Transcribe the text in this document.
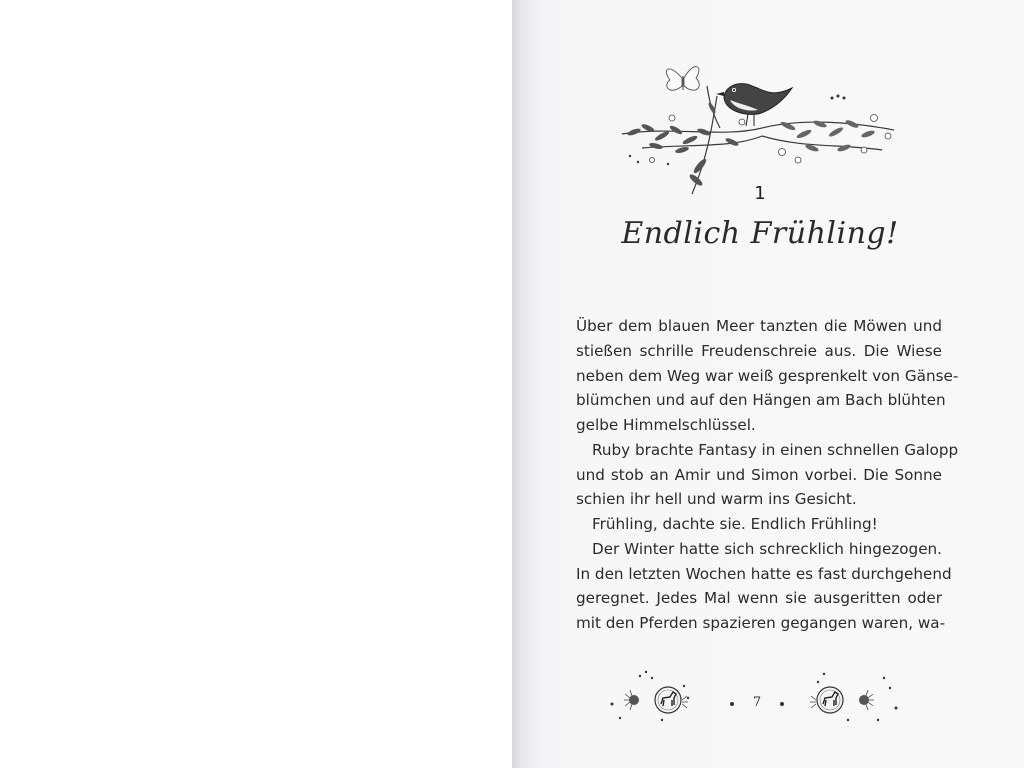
1
Endlich Frühling!
Über dem blauen Meer tanzten die Möwen und
stießen schrille Freudenschreie aus. Die Wiese
neben dem Weg war weiß gesprenkelt von Gänse-
blümchen und auf den Hängen am Bach blühten
gelbe Himmelschlüssel.
Ruby brachte Fantasy in einen schnellen Galopp
und stob an Amir und Simon vorbei. Die Sonne
schien ihr hell und warm ins Gesicht.
Frühling, dachte sie. Endlich Frühling!
Der Winter hatte sich schrecklich hingezogen.
In den letzten Wochen hatte es fast durchgehend
geregnet. Jedes Mal wenn sie ausgeritten oder
mit den Pferden spazieren gegangen waren, wa-
7
